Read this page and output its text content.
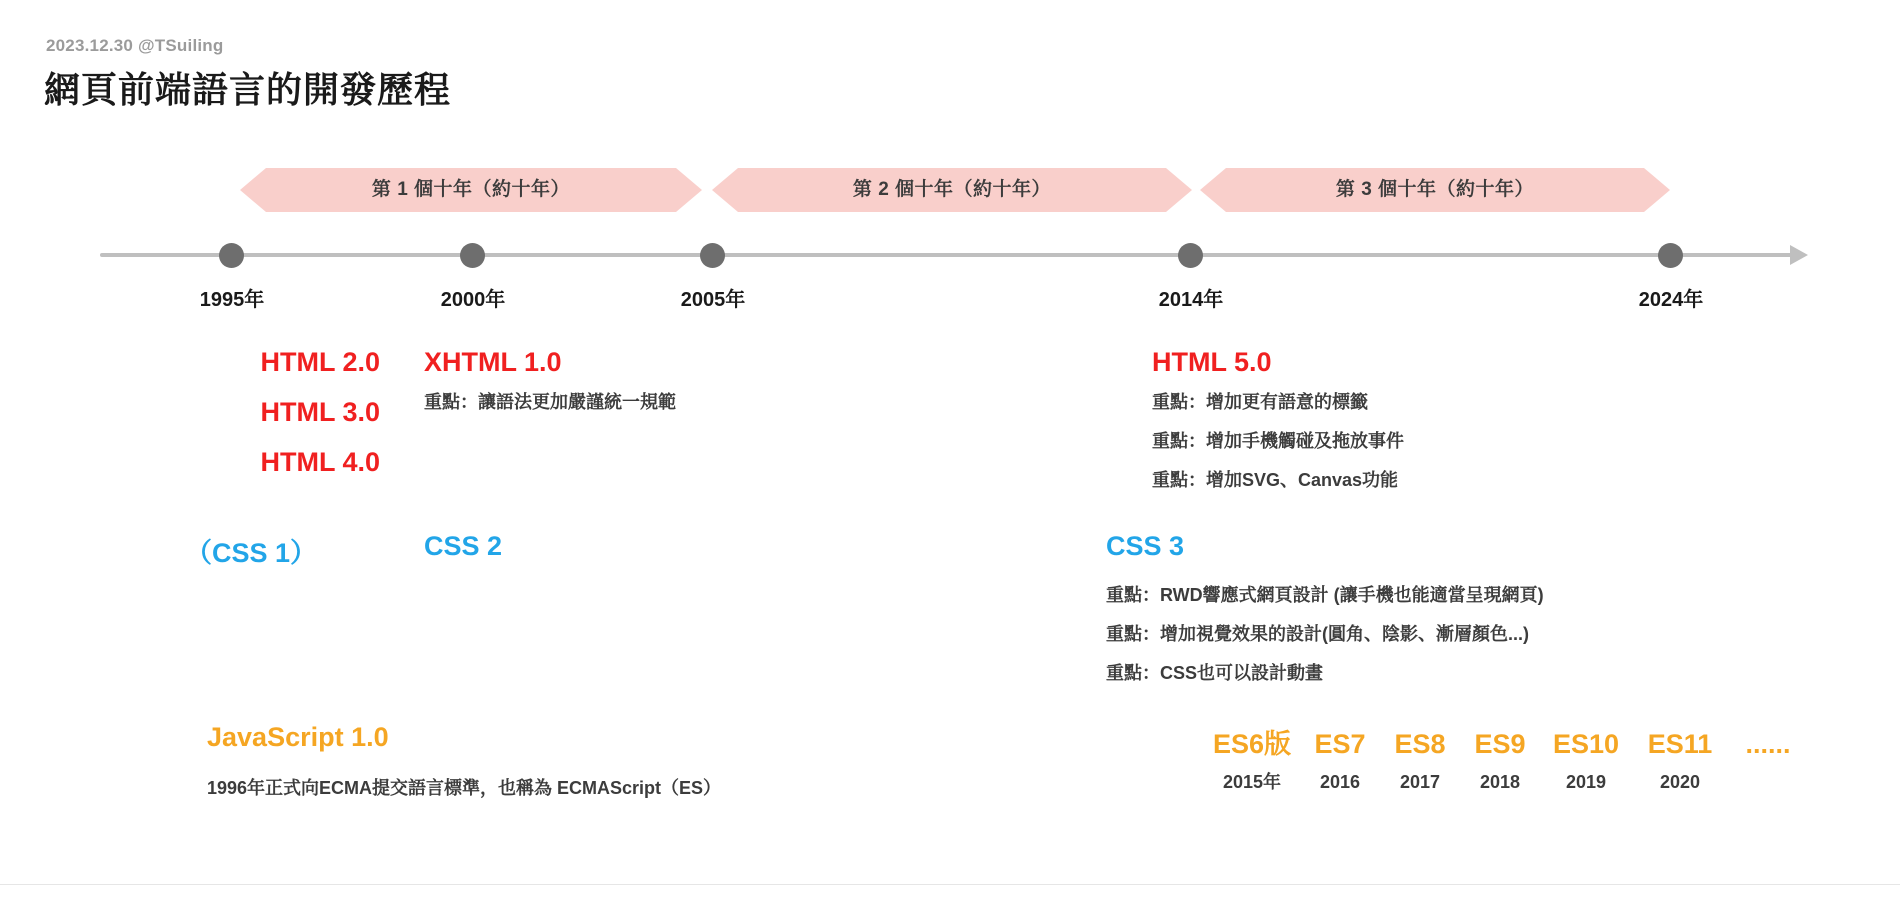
2023.12.30 @TSuiling
網頁前端語言的開發歷程
第 1 個十年（約十年）	第 2 個十年（約十年）	第 3 個十年（約十年）
1995年	2000年	2005年	2014年	2024年
HTML 2.0
HTML 3.0
HTML 4.0
XHTML 1.0
重點：讓語法更加嚴謹統一規範
HTML 5.0
重點：增加更有語意的標籤
重點：增加手機觸碰及拖放事件
重點：增加SVG、Canvas功能
（CSS 1）	CSS 2	CSS 3
重點：RWD響應式網頁設計 (讓手機也能適當呈現網頁)
重點：增加視覺效果的設計(圓角、陰影、漸層顏色...)
重點：CSS也可以設計動畫
JavaScript 1.0
1996年正式向ECMA提交語言標準，也稱為 ECMAScript（ES）
ES6版 ES7	ES8	ES9	ES10	ES11	......
2015年	2016	2017	2018	2019	2020
